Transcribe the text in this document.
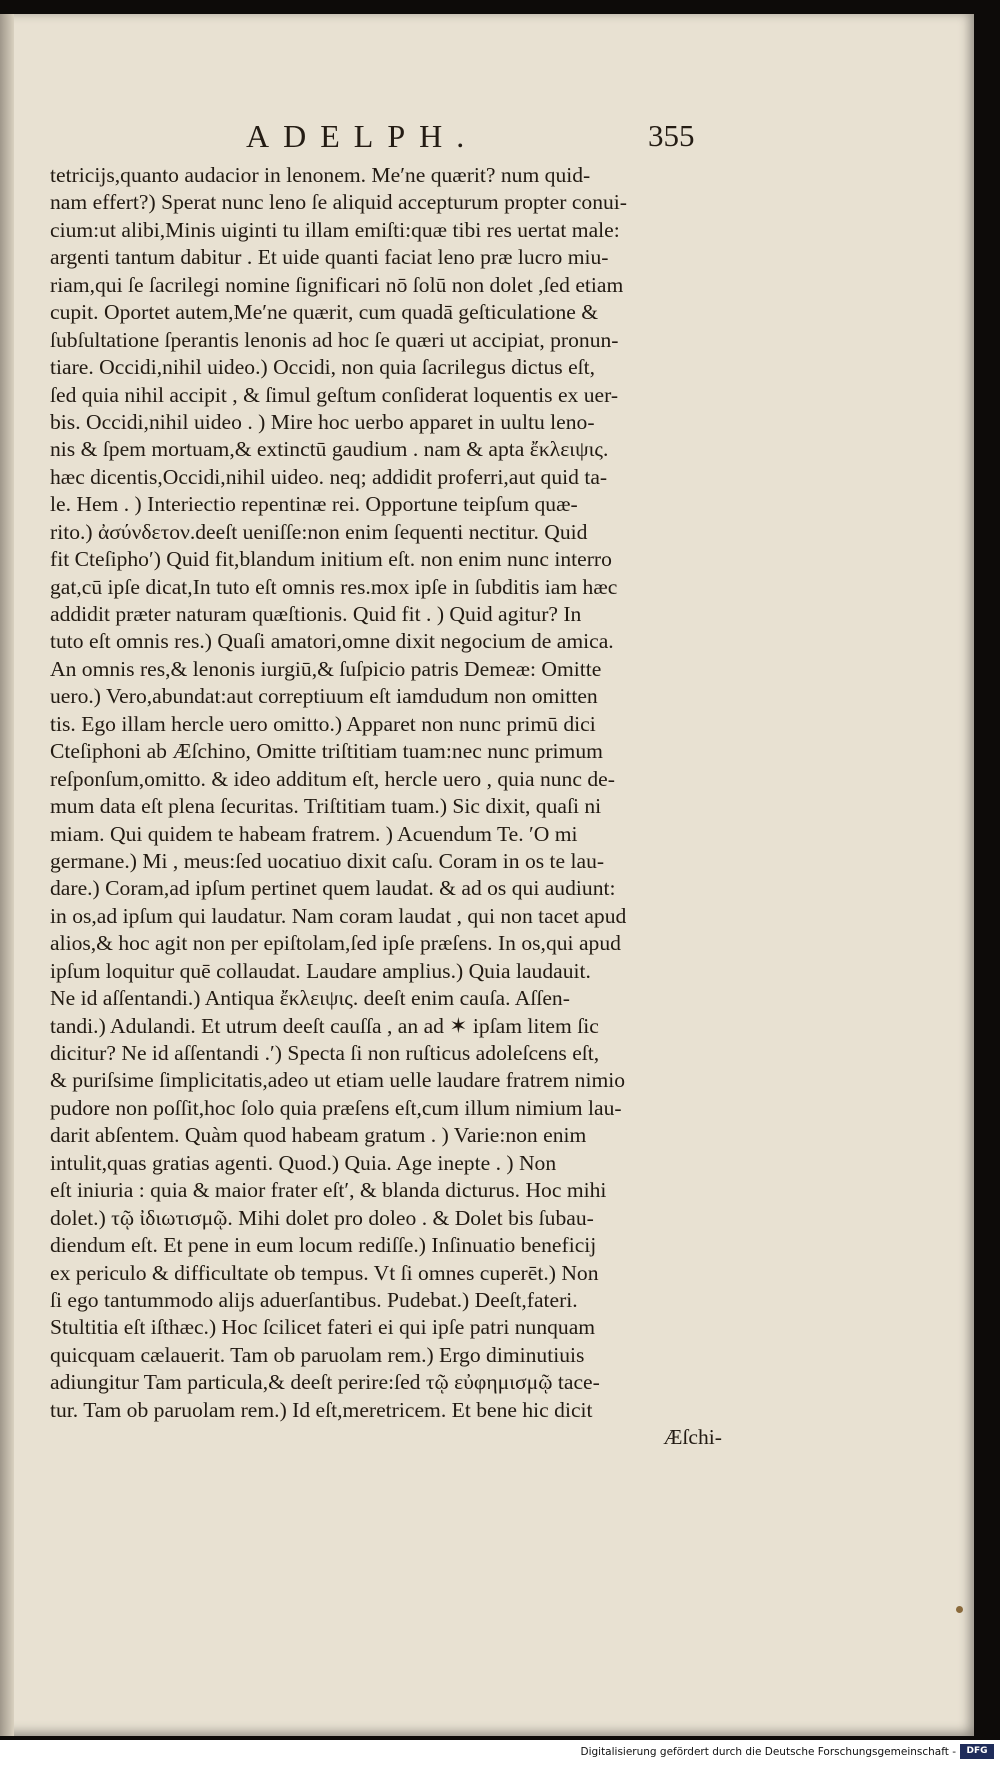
ADELPH.	355
tetricijs,quanto audacior in lenonem. Me′ne quærit? num quid-
nam effert?) Sperat nunc leno ſe aliquid accepturum propter conui-
cium:ut alibi,Minis uiginti tu illam emiſti:quæ tibi res uertat male:
argenti tantum dabitur . Et uide quanti faciat leno præ lucro miu-
riam,qui ſe ſacrilegi nomine ſignificari nō ſolū non dolet ,ſed etiam
cupit. Oportet autem,Me′ne quærit, cum quadā geſticulatione &
ſubſultatione ſperantis lenonis ad hoc ſe quæri ut accipiat, pronun-
tiare. Occidi,nihil uideo.) Occidi, non quia ſacrilegus dictus eſt,
ſed quia nihil accipit , & ſimul geſtum conſiderat loquentis ex uer-
bis. Occidi,nihil uideo . ) Mire hoc uerbo apparet in uultu leno-
nis & ſpem mortuam,& extinctū gaudium . nam & apta ἔκλειψις.
hæc dicentis,Occidi,nihil uideo. neq; addidit proferri,aut quid ta-
le. Hem . ) Interiectio repentinæ rei. Opportune teipſum quæ-
rito.) ἀσύνδετον.deeſt ueniſſe:non enim ſequenti nectitur. Quid
fit Cteſipho′) Quid fit,blandum initium eſt. non enim nunc interro
gat,cū ipſe dicat,In tuto eſt omnis res.mox ipſe in ſubditis iam hæc
addidit præter naturam quæſtionis. Quid fit . ) Quid agitur? In
tuto eſt omnis res.) Quaſi amatori,omne dixit negocium de amica.
An omnis res,& lenonis iurgiū,& ſuſpicio patris Demeæ: Omitte
uero.) Vero,abundat:aut correptiuum eſt iamdudum non omitten
tis. Ego illam hercle uero omitto.) Apparet non nunc primū dici
Cteſiphoni ab Æſchino, Omitte triſtitiam tuam:nec nunc primum
reſponſum,omitto. & ideo additum eſt, hercle uero , quia nunc de-
mum data eſt plena ſecuritas. Triſtitiam tuam.) Sic dixit, quaſi ni
miam. Qui quidem te habeam fratrem. ) Acuendum Te. ′O mi
germane.) Mi , meus:ſed uocatiuo dixit caſu. Coram in os te lau-
dare.) Coram,ad ipſum pertinet quem laudat. & ad os qui audiunt:
in os,ad ipſum qui laudatur. Nam coram laudat , qui non tacet apud
alios,& hoc agit non per epiſtolam,ſed ipſe præſens. In os,qui apud
ipſum loquitur quē collaudat. Laudare amplius.) Quia laudauit.
Ne id aſſentandi.) Antiqua ἔκλειψις. deeſt enim cauſa. Aſſen-
tandi.) Adulandi. Et utrum deeſt cauſſa , an ad ✶ ipſam litem ſic
dicitur? Ne id aſſentandi .′) Specta ſi non ruſticus adoleſcens eſt,
& puriſsime ſimplicitatis,adeo ut etiam uelle laudare fratrem nimio
pudore non poſſit,hoc ſolo quia præſens eſt,cum illum nimium lau-
darit abſentem. Quàm quod habeam gratum . ) Varie:non enim
intulit,quas gratias agenti. Quod.) Quia. Age inepte . ) Non
eſt iniuria : quia & maior frater eſt′, & blanda dicturus. Hoc mihi
dolet.) τῷ ἰδιωτισμῷ. Mihi dolet pro doleo . & Dolet bis ſubau-
diendum eſt. Et pene in eum locum rediſſe.) Inſinuatio beneficij
ex periculo & difficultate ob tempus. Vt ſi omnes cuperēt.) Non
ſi ego tantummodo alijs aduerſantibus. Pudebat.) Deeſt,fateri.
Stultitia eſt iſthæc.) Hoc ſcilicet fateri ei qui ipſe patri nunquam
quicquam cælauerit. Tam ob paruolam rem.) Ergo diminutiuis
adiungitur Tam particula,& deeſt perire:ſed τῷ εὐφημισμῷ tace-
tur. Tam ob paruolam rem.) Id eſt,meretricem. Et bene hic dicit
Æſchi-
Digitalisierung gefördert durch die Deutsche Forschungsgemeinschaft -	DFG
